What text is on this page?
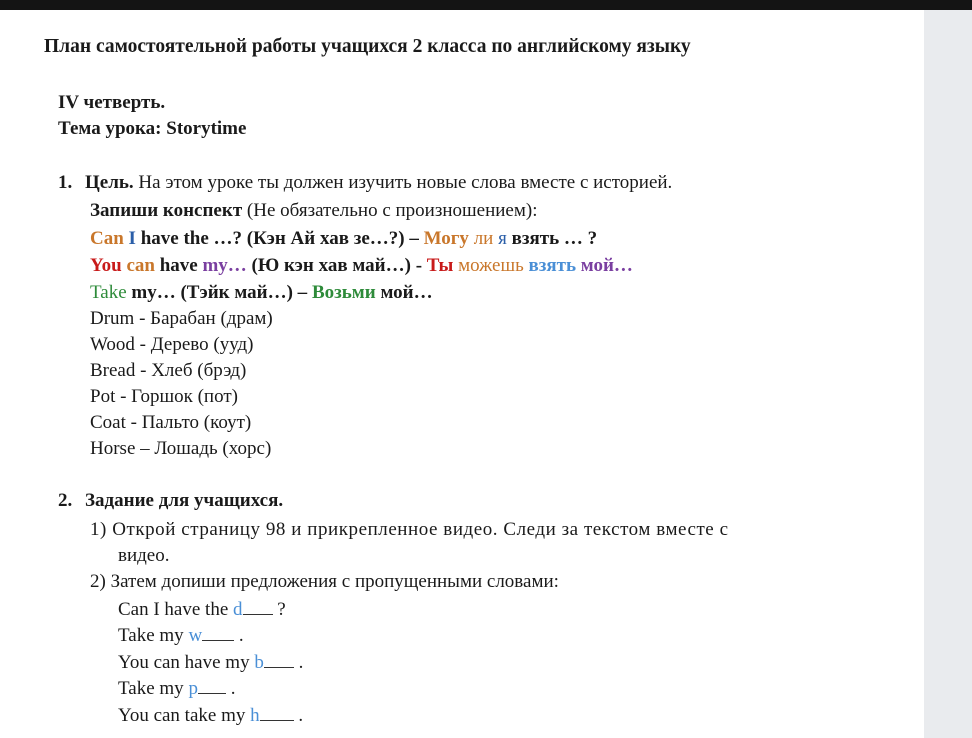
План самостоятельной работы учащихся 2 класса по английскому языку
IV четверть.
Тема урока: Storytime
1. Цель. На этом уроке ты должен изучить новые слова вместе с историей.
Запиши конспект (Не обязательно с произношением):
Can I have the …? (Кэн Ай хав зе…?) – Могу ли я взять … ?
You can have my… (Ю кэн хав май…) - Ты можешь взять мой…
Take my… (Тэйк май…) – Возьми мой…
Drum - Барабан (драм)
Wood - Дерево (ууд)
Bread - Хлеб (брэд)
Pot - Горшок (пот)
Coat - Пальто (коут)
Horse – Лошадь (хорс)
2. Задание для учащихся.
1) Открой страницу 98 и прикрепленное видео. Следи за текстом вместе с
видео.
2) Затем допиши предложения с пропущенными словами:
Can I have the d ?
Take my w .
You can have my b .
Take my p .
You can take my h .
